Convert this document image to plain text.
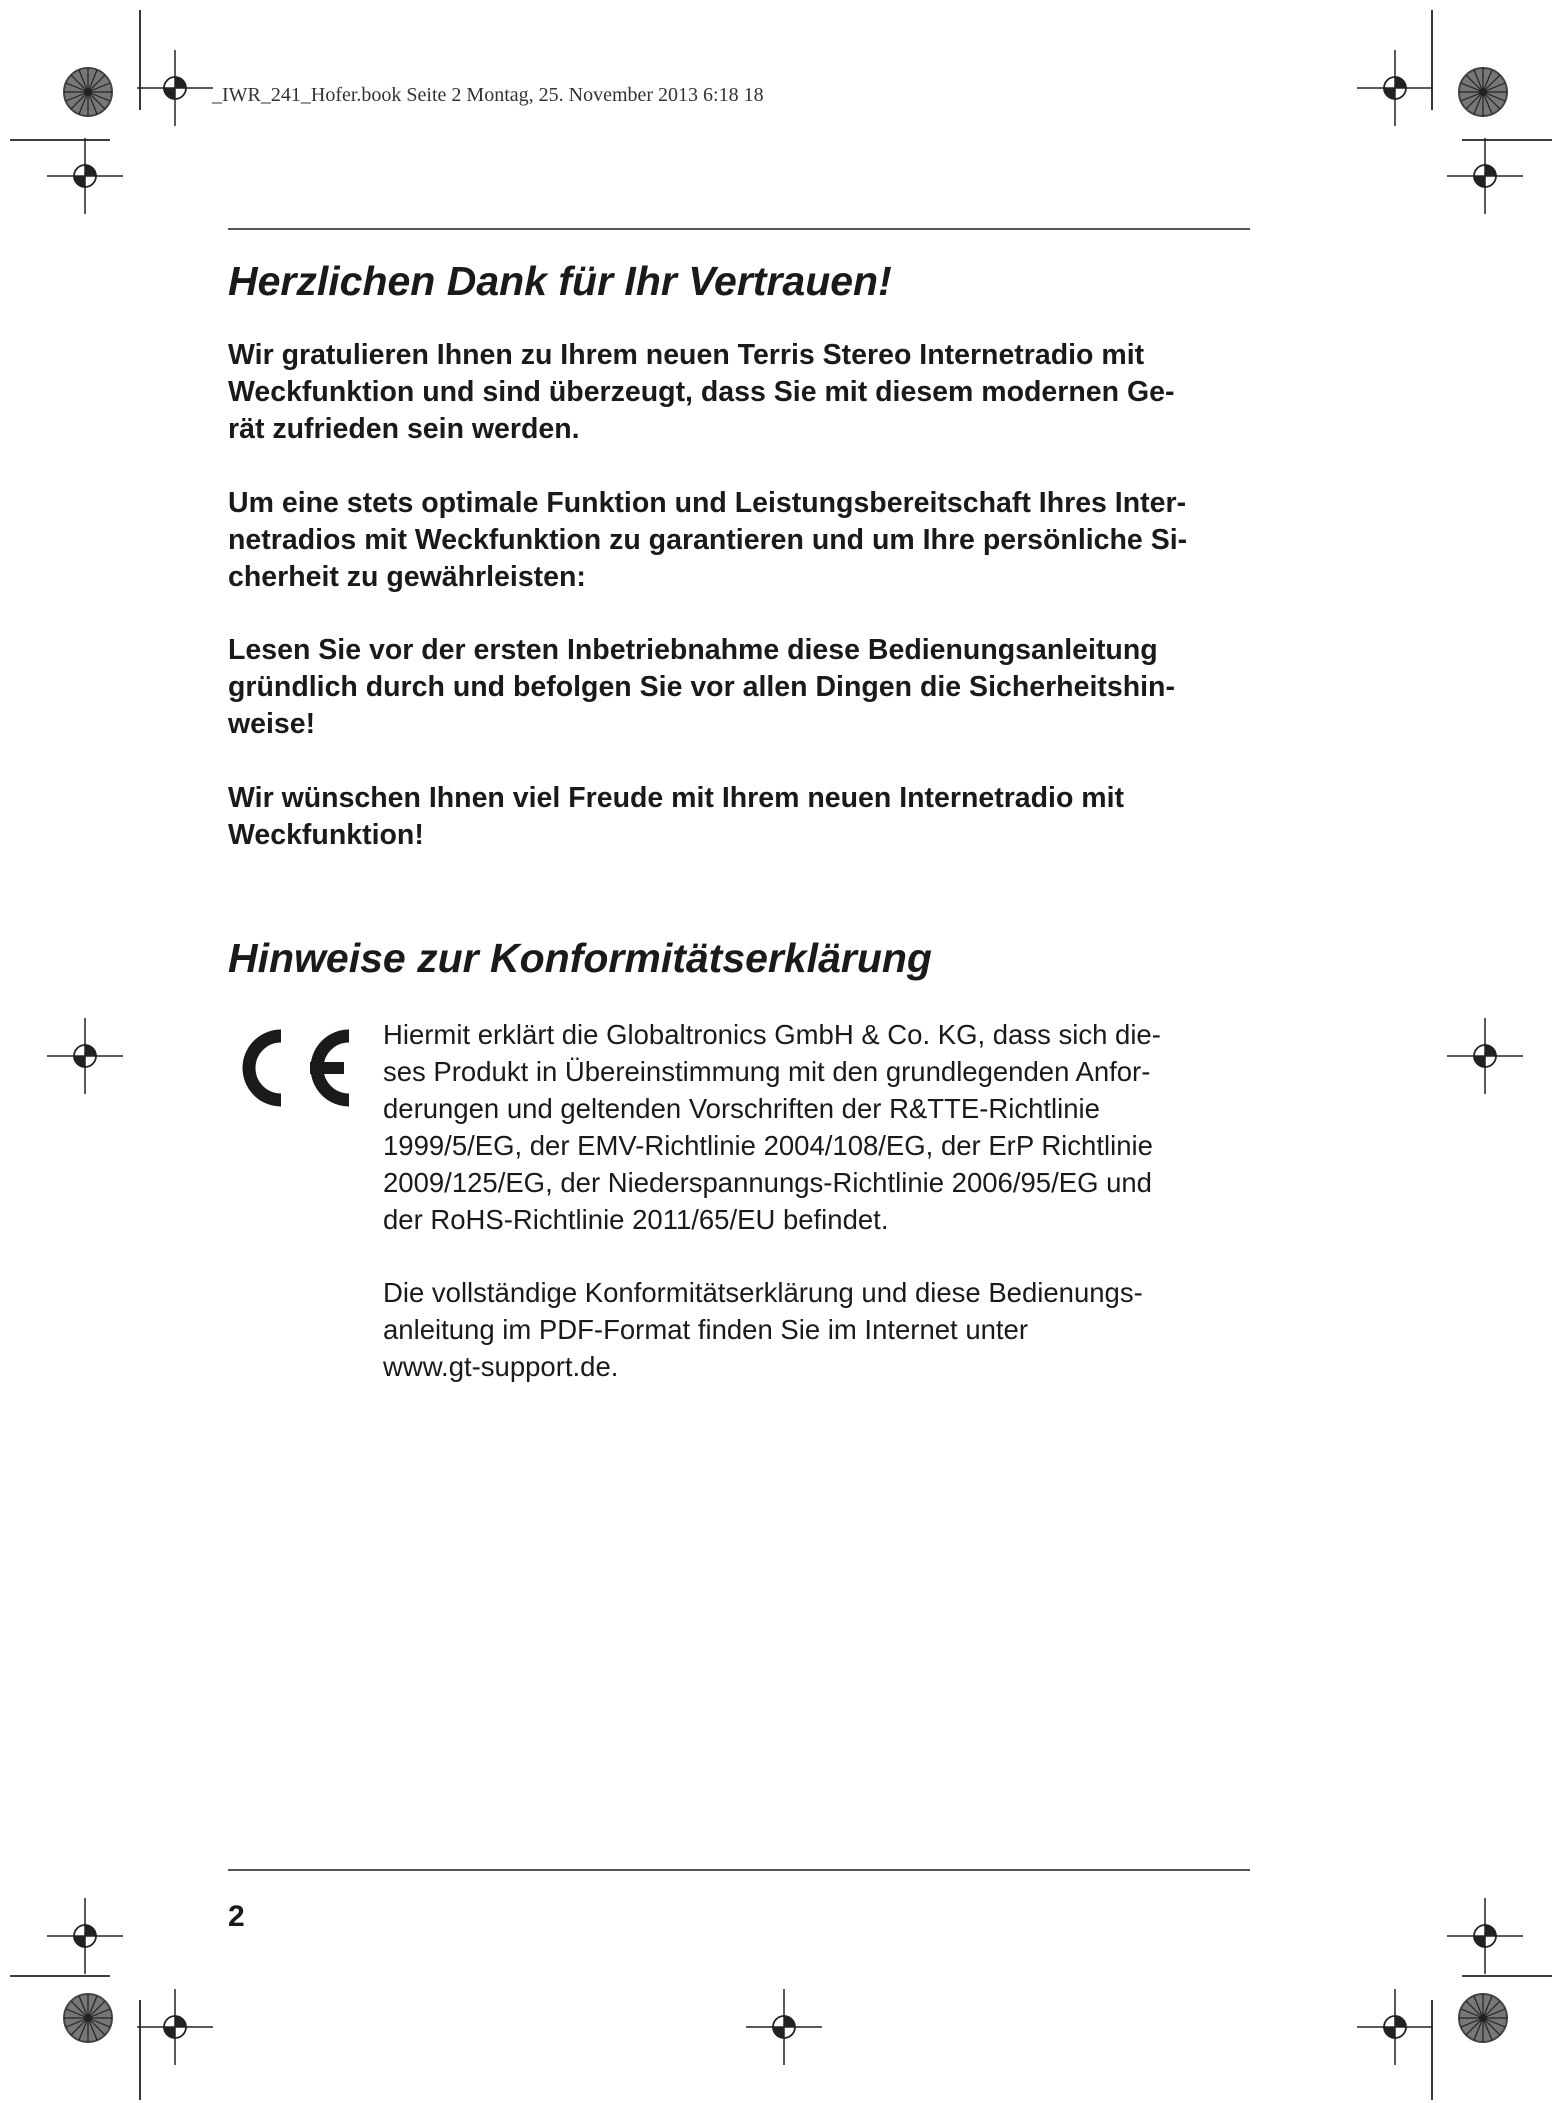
_IWR_241_Hofer.book Seite 2 Montag, 25. November 2013 6:18 18
Herzlichen Dank für Ihr Vertrauen!

Wir gratulieren Ihnen zu Ihrem neuen Terris Stereo Internetradio mit
Weckfunktion und sind überzeugt, dass Sie mit diesem modernen Ge-
rät zufrieden sein werden.

Um eine stets optimale Funktion und Leistungsbereitschaft Ihres Inter-
netradios mit Weckfunktion zu garantieren und um Ihre persönliche Si-
cherheit zu gewährleisten:

Lesen Sie vor der ersten Inbetriebnahme diese Bedienungsanleitung
gründlich durch und befolgen Sie vor allen Dingen die Sicherheitshin-
weise!

Wir wünschen Ihnen viel Freude mit Ihrem neuen Internetradio mit
Weckfunktion!

Hinweise zur Konformitätserklärung

Hiermit erklärt die Globaltronics GmbH & Co. KG, dass sich die-
ses Produkt in Übereinstimmung mit den grundlegenden Anfor-
derungen und geltenden Vorschriften der R&TTE-Richtlinie
1999/5/EG, der EMV-Richtlinie 2004/108/EG, der ErP Richtlinie
2009/125/EG, der Niederspannungs-Richtlinie 2006/95/EG und
der RoHS-Richtlinie 2011/65/EU befindet.

Die vollständige Konformitätserklärung und diese Bedienungs-
anleitung im PDF-Format finden Sie im Internet unter
www.gt-support.de.

2
